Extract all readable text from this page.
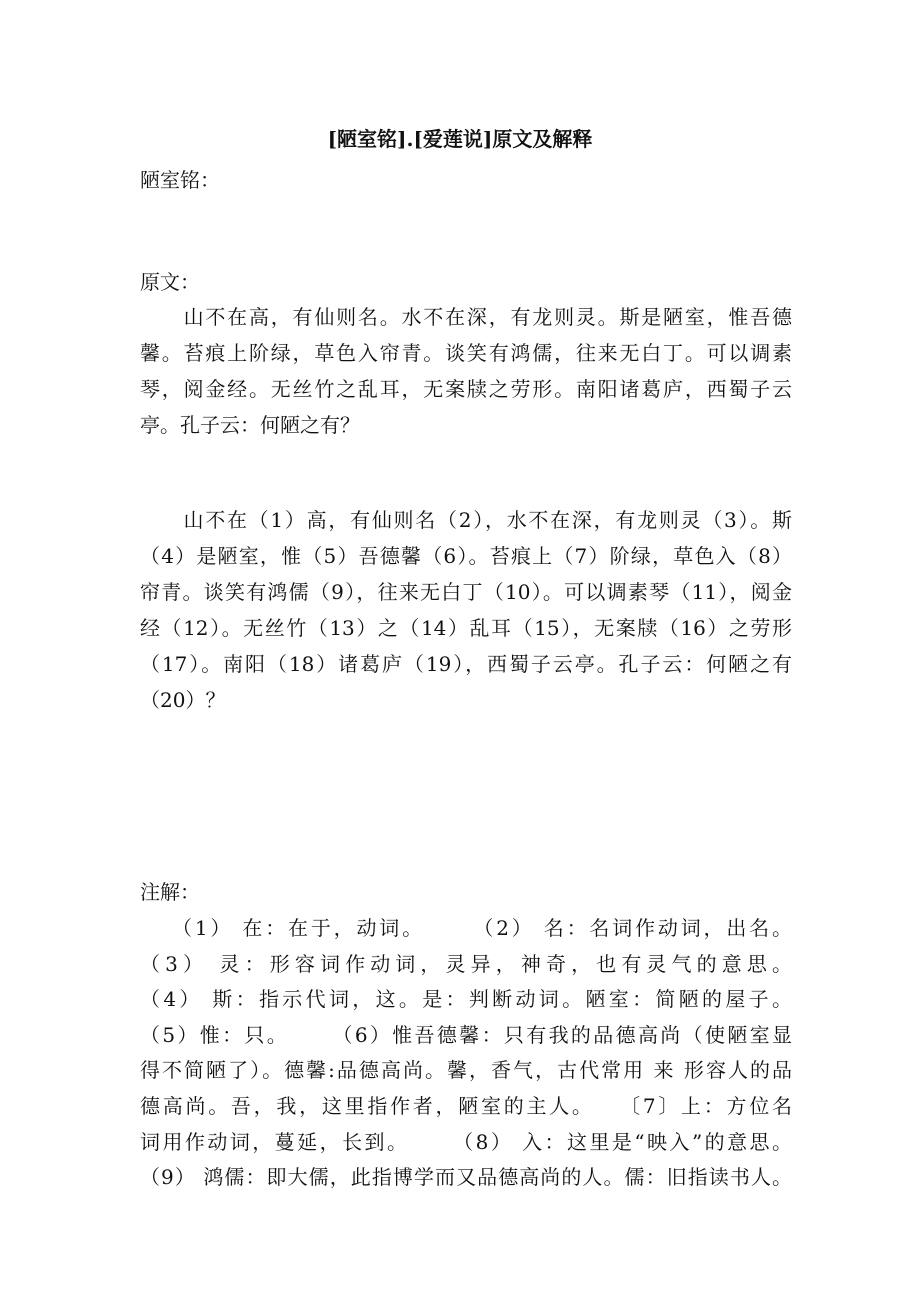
[陋室铭].[爱莲说]原文及解释
陋室铭：
原文：
　　山不在高，有仙则名。水不在深，有龙则灵。斯是陋室，惟吾德
馨。苔痕上阶绿，草色入帘青。谈笑有鸿儒，往来无白丁。可以调素
琴，阅金经。无丝竹之乱耳，无案牍之劳形。南阳诸葛庐，西蜀子云
亭。孔子云：何陋之有？
　　山不在（1）高，有仙则名（2），水不在深，有龙则灵（3）。斯
（4）是陋室，惟（5）吾德馨（6）。苔痕上（7）阶绿，草色入（8）
帘青。谈笑有鸿儒（9），往来无白丁（10）。可以调素琴（11），阅金
经（12）。无丝竹（13）之（14）乱耳（15），无案牍（16）之劳形
（17）。南阳（18）诸葛庐（19），西蜀子云亭。孔子云：何陋之有
（20）？
注解：
　 （1） 在：在于，动词。　　　（2） 名：名词作动词，出名。
（3） 灵：形容词作动词，灵异，神奇，也有灵气的意思。
（4） 斯：指示代词，这。是：判断动词。陋室：简陋的屋子。
（5）惟：只。　　 （6）惟吾德馨：只有我的品德高尚（使陋室显
得不简陋了）。德馨:品德高尚。馨，香气，古代常用 来 形容人的品
德高尚。吾，我，这里指作者，陋室的主人。　　〔7〕上：方位名
词用作动词，蔓延，长到。　　 （8） 入：这里是“映入”的意思。
（9） 鸿儒：即大儒，此指博学而又品德高尚的人。儒：旧指读书人。
